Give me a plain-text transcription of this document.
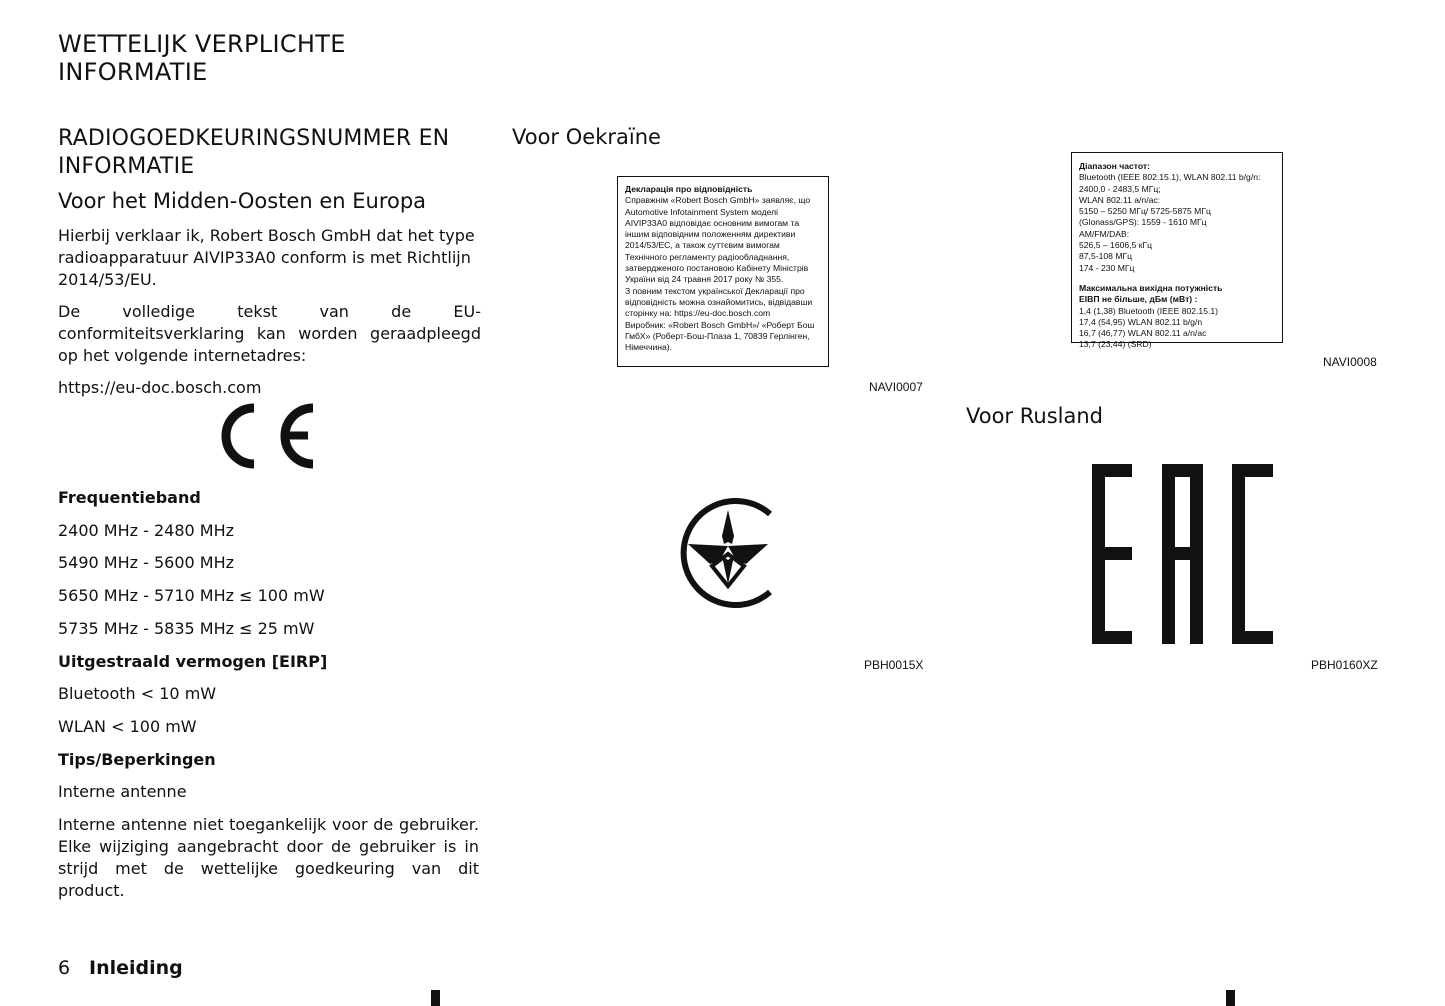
WETTELIJK VERPLICHTE INFORMATIE
RADIOGOEDKEURINGSNUMMER EN INFORMATIE
Voor het Midden-Oosten en Europa

Hierbij verklaar ik, Robert Bosch GmbH dat het type radioapparatuur AIVIP33A0 conform is met Richtlijn 2014/53/EU.

De volledige tekst van de EU-conformiteitsverklaring kan worden geraadpleegd op het volgende internetadres:

https://eu-doc.bosch.com

Frequentieband

2400 MHz - 2480 MHz

5490 MHz - 5600 MHz

5650 MHz - 5710 MHz ≤ 100 mW

5735 MHz - 5835 MHz ≤ 25 mW

Uitgestraald vermogen [EIRP]

Bluetooth < 10 mW

WLAN < 100 mW

Tips/Beperkingen

Interne antenne

Interne antenne niet toegankelijk voor de gebruiker. Elke wijziging aangebracht door de gebruiker is in strijd met de wettelijke goedkeuring van dit product.

Voor Oekraïne
Декларація про відповідність
Справжнім «Robert Bosch GmbH» заявляє, що
Automotive Infotainment System моделі
AIVIP33A0 відповідає основним вимогам та
іншим відповідним положенням директиви
2014/53/ЕС, а також суттєвим вимогам
Технічного регламенту радіообладнання,
затвердженого постановою Кабінету Міністрів
України від 24 травня 2017 року № 355.
З повним текстом української Декларації про
відповідність можна ознайомитись, відвідавши
сторінку на: https://eu-doc.bosch.com
Виробник: «Robert Bosch GmbH»/ «Роберт Бош
ГмбХ» (Роберт-Бош-Плаза 1, 70839 Герлінген,
Німеччина).
NAVI0007
Діапазон частот:
Bluetooth (IEEE 802.15.1), WLAN 802.11 b/g/n:
2400,0 - 2483,5 МГц;
WLAN 802.11 a/n/ac:
5150 – 5250 МГц/ 5725-5875 МГц
(Glonass/GPS): 1559 - 1610 МГц
AM/FM/DAB:
526,5 – 1606,5 кГц
87,5-108 МГц
174 - 230 МГц
Максимальна вихідна потужність
ЕІВП не більше, дБм (мВт) :
1,4 (1,38) Bluetooth (IEEE 802.15.1)
17,4 (54,95) WLAN 802.11 b/g/n
16,7 (46,77) WLAN 802.11 a/n/ac
13,7 (23,44) (SRD)
NAVI0008
PBH0015X
Voor Rusland
PBH0160XZ
6 Inleiding
